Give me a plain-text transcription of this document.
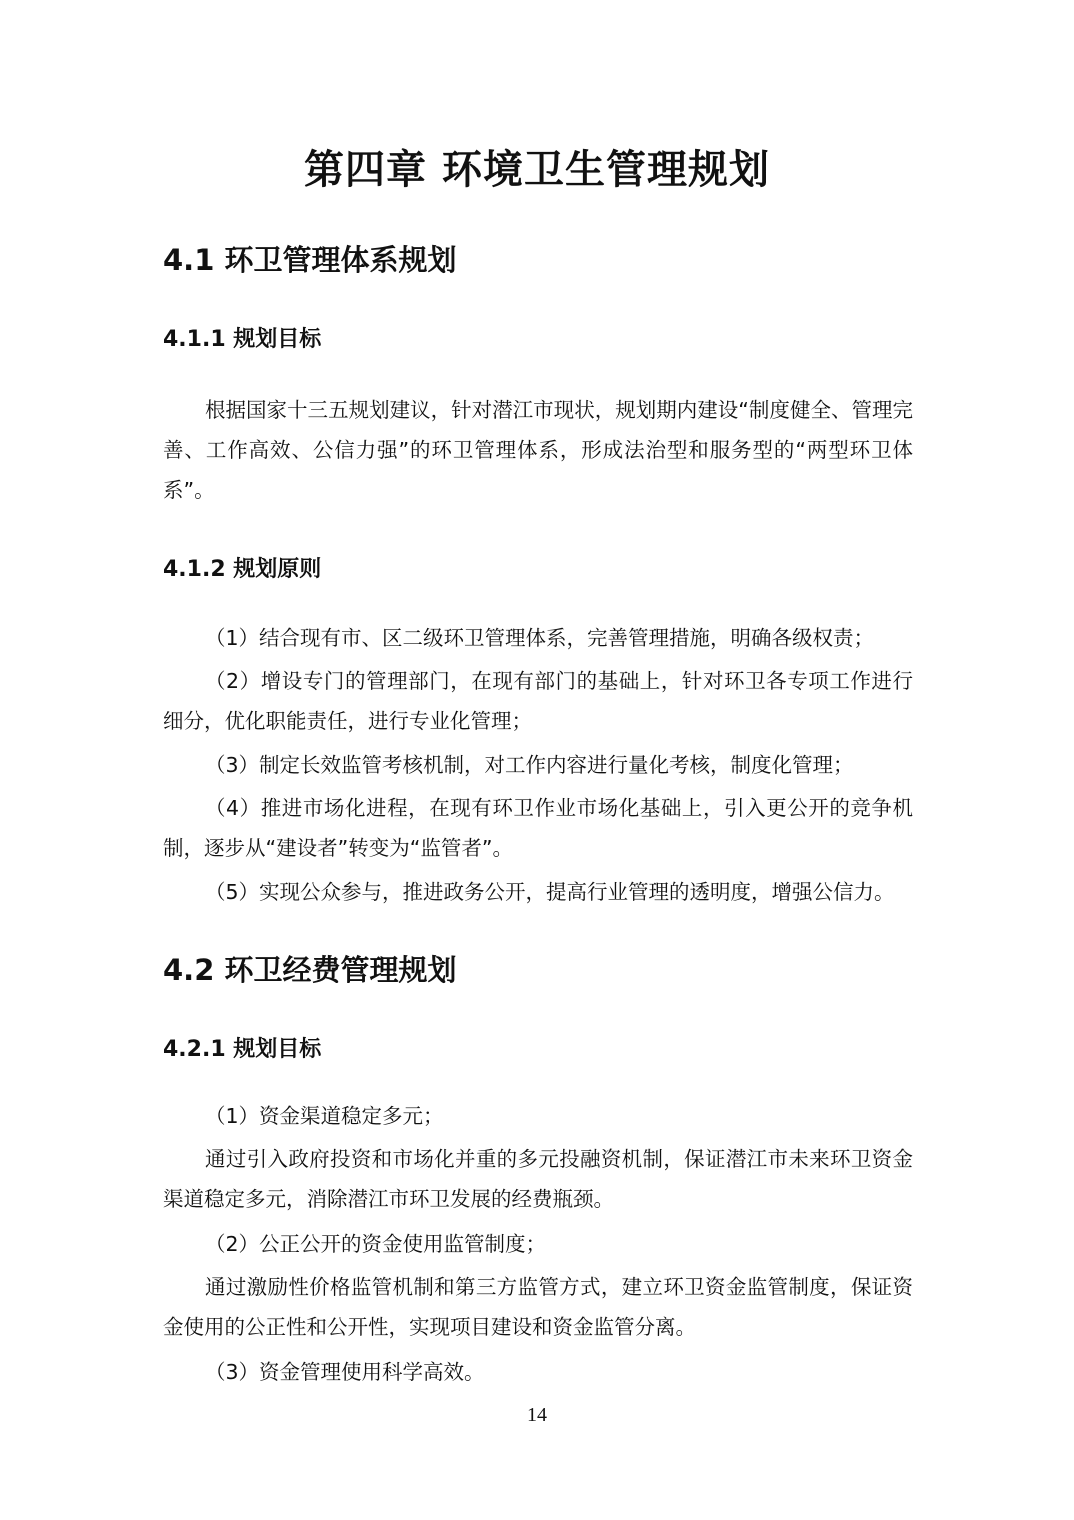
第四章 环境卫生管理规划
4.1 环卫管理体系规划
4.1.1 规划目标
根据国家十三五规划建议，针对潜江市现状，规划期内建设“制度健全、管理完善、工作高效、公信力强”的环卫管理体系，形成法治型和服务型的“两型环卫体系”。
4.1.2 规划原则
（1）结合现有市、区二级环卫管理体系，完善管理措施，明确各级权责；
（2）增设专门的管理部门，在现有部门的基础上，针对环卫各专项工作进行细分，优化职能责任，进行专业化管理；
（3）制定长效监管考核机制，对工作内容进行量化考核，制度化管理；
（4）推进市场化进程，在现有环卫作业市场化基础上，引入更公开的竞争机制，逐步从“建设者”转变为“监管者”。
（5）实现公众参与，推进政务公开，提高行业管理的透明度，增强公信力。
4.2 环卫经费管理规划
4.2.1 规划目标
（1）资金渠道稳定多元；
通过引入政府投资和市场化并重的多元投融资机制，保证潜江市未来环卫资金渠道稳定多元，消除潜江市环卫发展的经费瓶颈。
（2）公正公开的资金使用监管制度；
通过激励性价格监管机制和第三方监管方式，建立环卫资金监管制度，保证资金使用的公正性和公开性，实现项目建设和资金监管分离。
（3）资金管理使用科学高效。
14
